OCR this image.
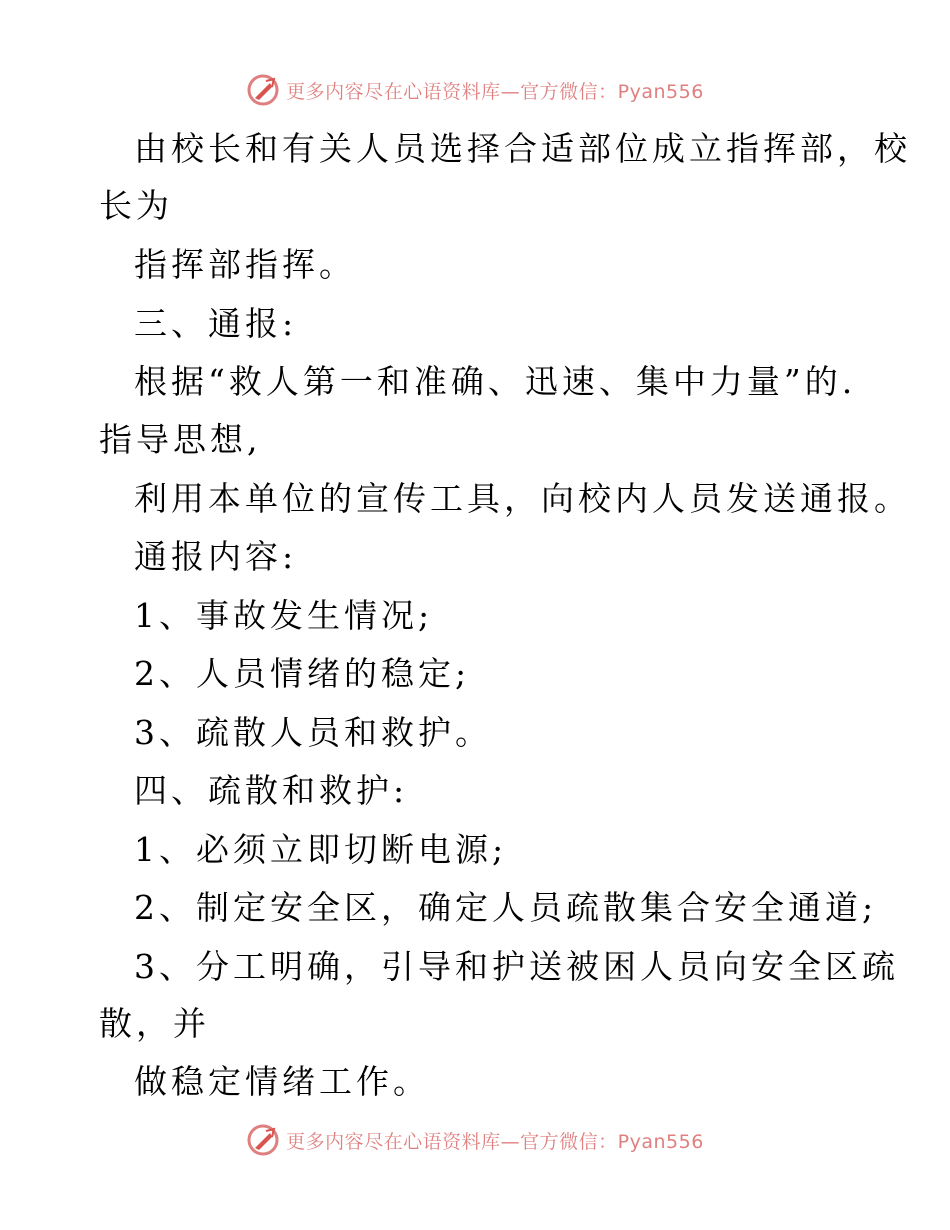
更多内容尽在心语资料库—官方微信：Pyan556
由校长和有关人员选择合适部位成立指挥部，校
长为
指挥部指挥。
三、通报:
根据“救人第一和准确、迅速、集中力量”的.
指导思想,
利用本单位的宣传工具，向校内人员发送通报。
通报内容:
1、事故发生情况;
2、人员情绪的稳定;
3、疏散人员和救护。
四、疏散和救护:
1、必须立即切断电源;
2、制定安全区，确定人员疏散集合安全通道;
3、分工明确，引导和护送被困人员向安全区疏
散，并
做稳定情绪工作。
更多内容尽在心语资料库—官方微信：Pyan556
